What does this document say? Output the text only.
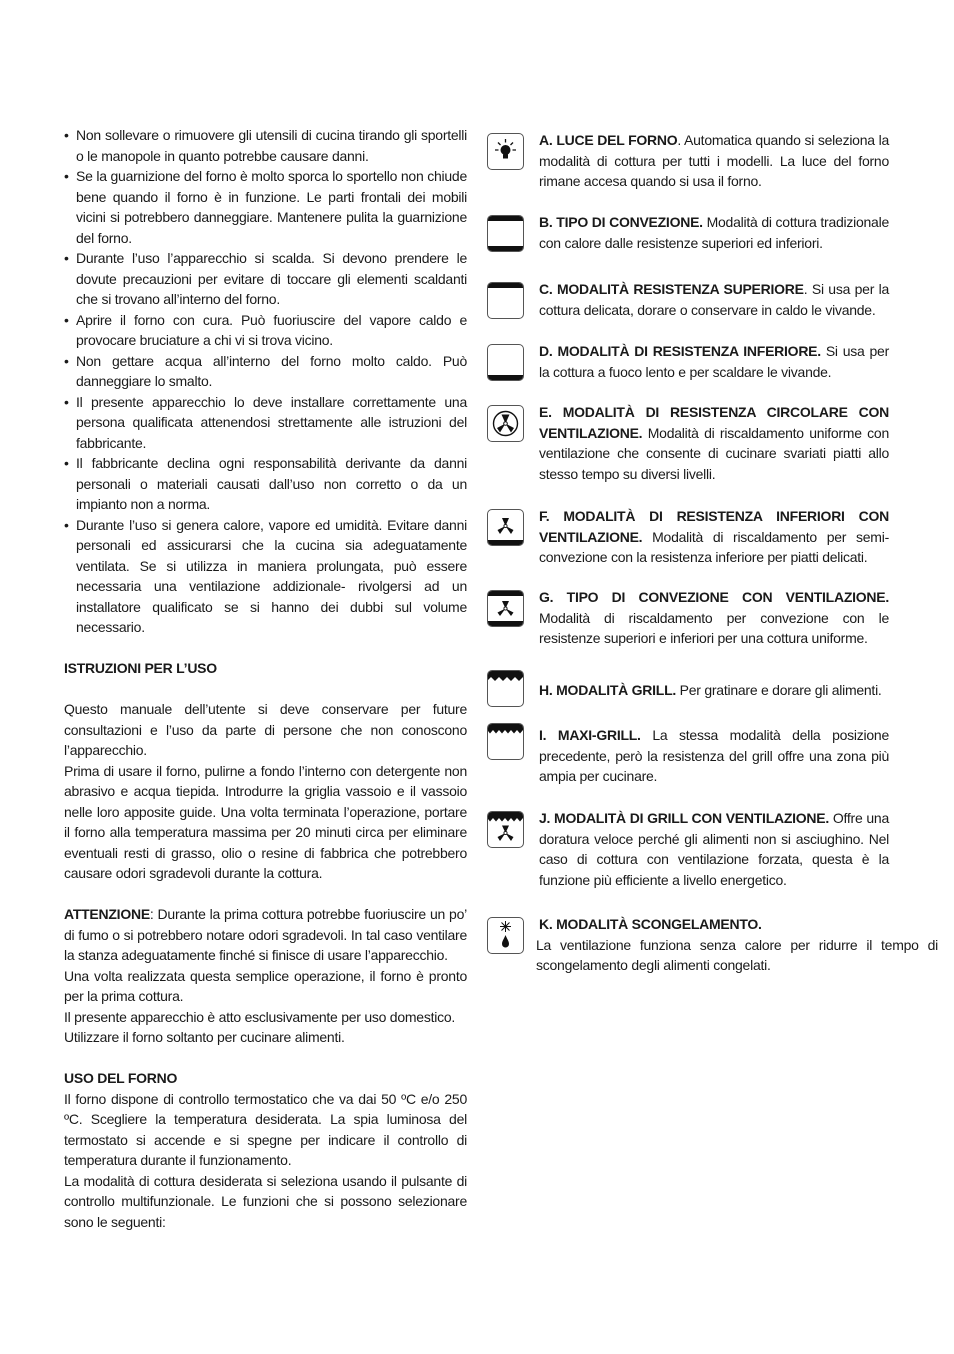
• Non sollevare o rimuovere gli utensili di cucina tirando gli sportelli o le manopole in quanto potrebbe causare danni.
• Se la guarnizione del forno è molto sporca lo sportello non chiude bene quando il forno è in funzione. Le parti frontali dei mobili vicini si potrebbero danneggiare. Mantenere pulita la guarnizione del forno.
• Durante l’uso l’apparecchio si scalda. Si devono prendere le dovute precauzioni per evitare di toccare gli elementi scaldanti che si trovano all’interno del forno.
• Aprire il forno con cura. Può fuoriuscire del vapore caldo e provocare bruciature a chi vi si trova vicino.
• Non gettare acqua all’interno del forno molto caldo. Può danneggiare lo smalto.
• Il presente apparecchio lo deve installare correttamente una persona qualificata attenendosi strettamente alle istruzioni del fabbricante.
• Il fabbricante declina ogni responsabilità derivante da danni personali o materiali causati dall’uso non corretto o da un impianto non a norma.
• Durante l’uso si genera calore, vapore ed umidità. Evitare danni personali ed assicurarsi che la cucina sia adeguatamente ventilata. Se si utilizza in maniera prolungata, può essere necessaria una ventilazione addizionale- rivolgersi ad un installatore qualificato se si hanno dei dubbi sul volume necessario.

ISTRUZIONI PER L’USO

Questo manuale dell’utente si deve conservare per future consultazioni e l’uso da parte di persone che non conoscono l’apparecchio.

Prima di usare il forno, pulirne a fondo l’interno con detergente non abrasivo e acqua tiepida. Introdurre la griglia vassoio e il vassoio nelle loro apposite guide. Una volta terminata l’operazione, portare il forno alla temperatura massima per 20 minuti circa per eliminare eventuali resti di grasso, olio o resine di fabbrica che potrebbero causare odori sgradevoli durante la cottura.

ATTENZIONE: Durante la prima cottura potrebbe fuoriuscire un po’ di fumo o si potrebbero notare odori sgradevoli. In tal caso ventilare la stanza adeguatamente finché si finisce di usare l’apparecchio.

Una volta realizzata questa semplice operazione, il forno è pronto per la prima cottura.

Il presente apparecchio è atto esclusivamente per uso domestico.

Utilizzare il forno soltanto per cucinare alimenti.

USO DEL FORNO

Il forno dispone di controllo termostatico che va dai 50 ºC e/o 250 ºC. Scegliere la temperatura desiderata. La spia luminosa del termostato si accende e si spegne per indicare il controllo di temperatura durante il funzionamento.

La modalità di cottura desiderata si seleziona usando il pulsante di controllo multifunzionale. Le funzioni che si possono selezionare sono le seguenti:

A. LUCE DEL FORNO. Automatica quando si seleziona la modalità di cottura per tutti i modelli. La luce del forno rimane accesa quando si usa il forno.
B. TIPO DI CONVEZIONE. Modalità di cottura tradizionale con calore dalle resistenze superiori ed inferiori.
C. MODALITÀ RESISTENZA SUPERIORE. Si usa per la cottura delicata, dorare o conservare in caldo le vivande.
D. MODALITÀ DI RESISTENZA INFERIORE. Si usa per la cottura a fuoco lento e per scaldare le vivande.
E. MODALITÀ DI RESISTENZA CIRCOLARE CON VENTILAZIONE. Modalità di riscaldamento uniforme con ventilazione che consente di cucinare svariati piatti allo stesso tempo su diversi livelli.
F. MODALITÀ DI RESISTENZA INFERIORI CON VENTILAZIONE. Modalità di riscaldamento per semi-convezione con la resistenza inferiore per piatti delicati.
G. TIPO DI CONVEZIONE CON VENTILAZIONE. Modalità di riscaldamento per convezione con le resistenze superiori e inferiori per una cottura uniforme.
H. MODALITÀ GRILL. Per gratinare e dorare gli alimenti.
I. MAXI-GRILL. La stessa modalità della posizione precedente, però la resistenza del grill offre una zona più ampia per cucinare.
J. MODALITÀ DI GRILL CON VENTILAZIONE. Offre una doratura veloce perché gli alimenti non si asciughino. Nel caso di cottura con ventilazione forzata, questa è la funzione più efficiente a livello energetico.
K. MODALITÀ SCONGELAMENTO.
La ventilazione funziona senza calore per ridurre il tempo di scongelamento degli alimenti congelati.
